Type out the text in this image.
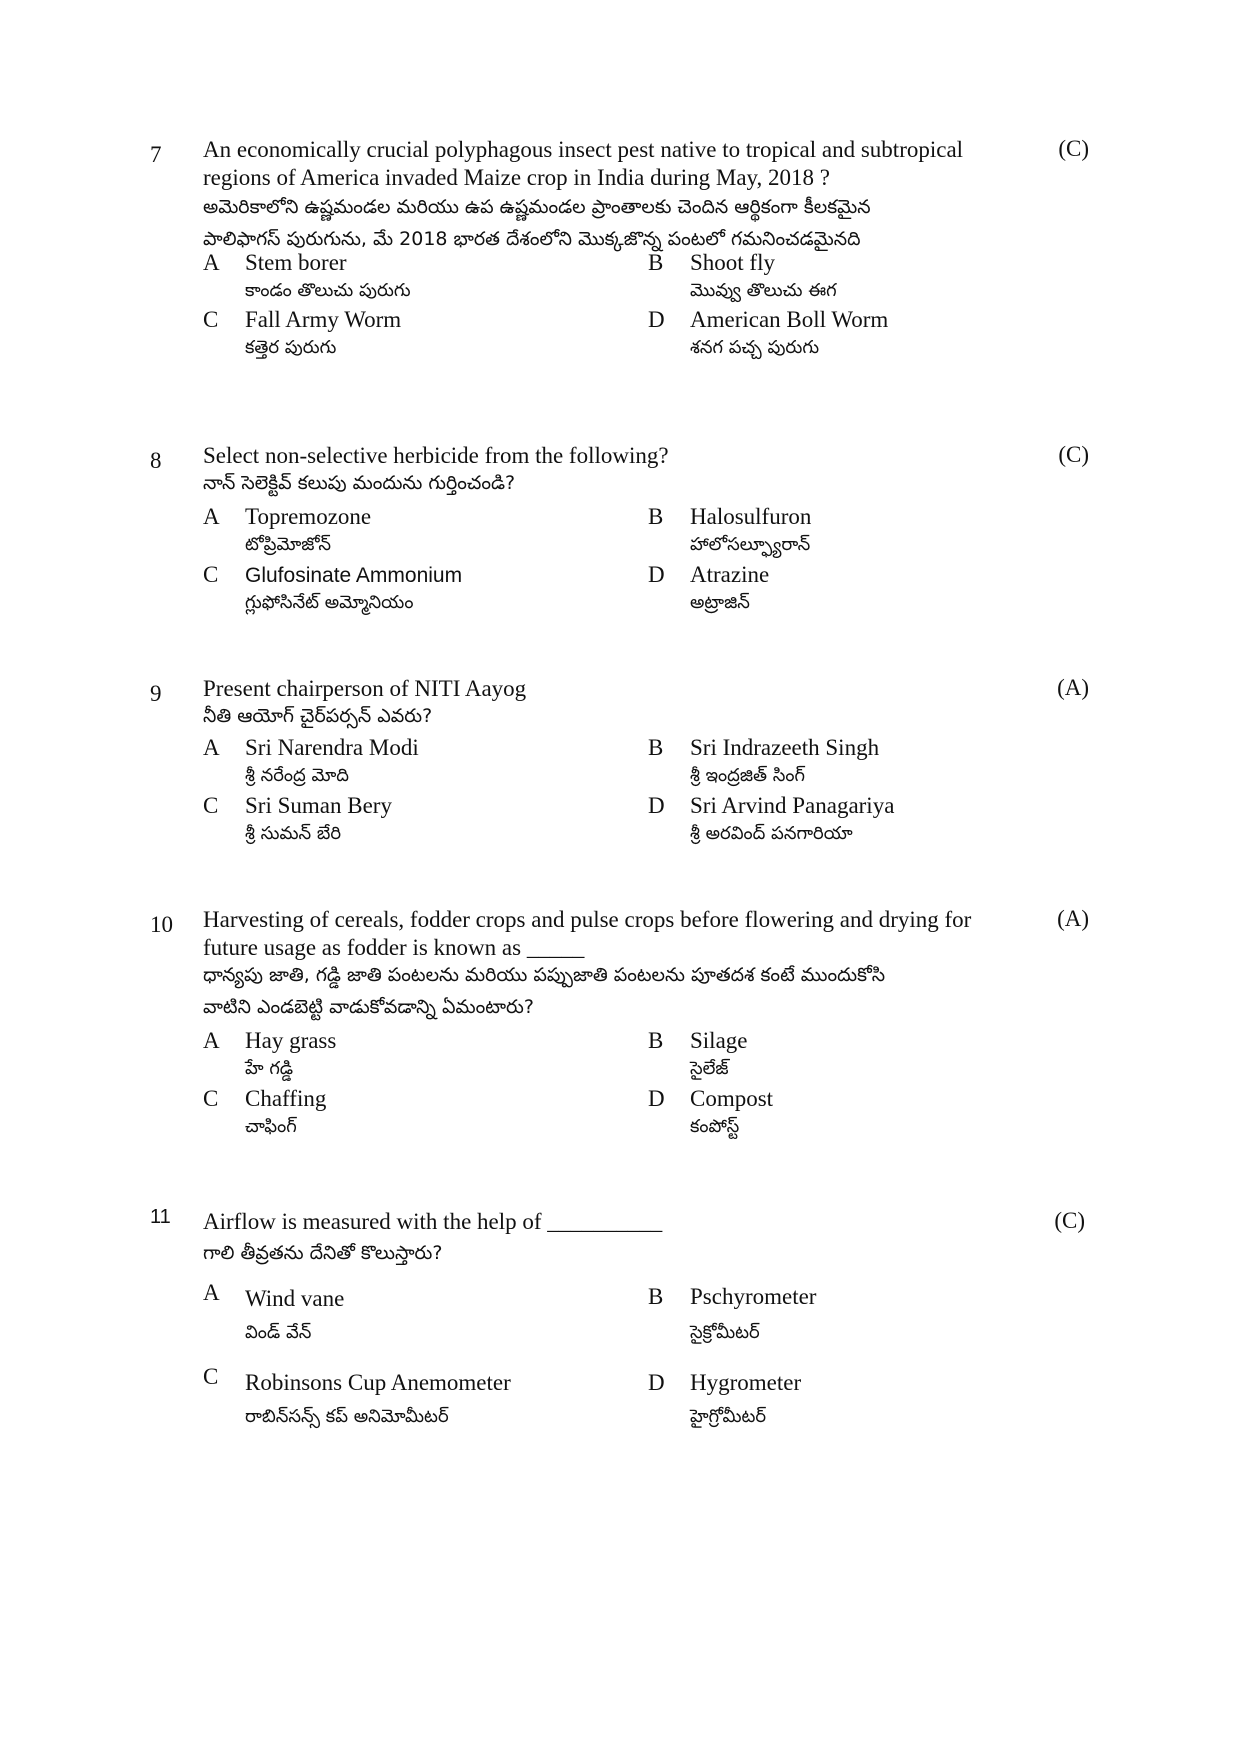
7 An economically crucial polyphagous insect pest native to tropical and subtropical regions of America invaded Maize crop in India during May, 2018 ?
అమెరికాలోని ఉష్ణమండల మరియు ఉప ఉష్ణమండల ప్రాంతాలకు చెందిన ఆర్థికంగా కీలకమైన
పాలిఫాగస్ పురుగును, మే 2018 భారత దేశంలోని మొక్కజొన్న పంటలో గమనించడమైనది
(C)
A Stem borer
కాండం తొలుచు పురుగు
B Shoot fly
మొవ్వు తొలుచు ఈగ
C Fall Army Worm
కత్తెర పురుగు
D American Boll Worm
శనగ పచ్చ పురుగు
8 Select non-selective herbicide from the following?
నాన్ సెలెక్టివ్ కలుపు మందును గుర్తించండి?
(C)
A Topremozone
టోప్రిమోజోన్
B Halosulfuron
హాలోసల్ఫ్యూరాన్
C Glufosinate Ammonium
గ్లుఫోసినేట్ అమ్మోనియం
D Atrazine
అట్రాజిన్
9 Present chairperson of NITI Aayog
నీతి ఆయోగ్ చైర్‌పర్సన్ ఎవరు?
(A)
A Sri Narendra Modi
శ్రీ నరేంద్ర మోది
B Sri Indrazeeth Singh
శ్రీ ఇంద్రజిత్ సింగ్
C Sri Suman Bery
శ్రీ సుమన్ బేరి
D Sri Arvind Panagariya
శ్రీ అరవింద్ పనగారియా
10 Harvesting of cereals, fodder crops and pulse crops before flowering and drying for future usage as fodder is known as _____
ధాన్యపు జాతి, గడ్డి జాతి పంటలను మరియు పప్పుజాతి పంటలను పూతదశ కంటే ముందుకోసి
వాటిని ఎండబెట్టి వాడుకోవడాన్ని ఏమంటారు?
(A)
A Hay grass
హే గడ్డి
B Silage
సైలేజ్
C Chaffing
చాఫింగ్
D Compost
కంపోస్ట్
11 Airflow is measured with the help of __________
గాలి తీవ్రతను దేనితో కొలుస్తారు?
(C)
A Wind vane
విండ్ వేన్
B Pschyrometer
సైక్రోమీటర్
C Robinsons Cup Anemometer
రాబిన్‌సన్స్ కప్ అనిమోమీటర్
D Hygrometer
హైగ్రోమీటర్
